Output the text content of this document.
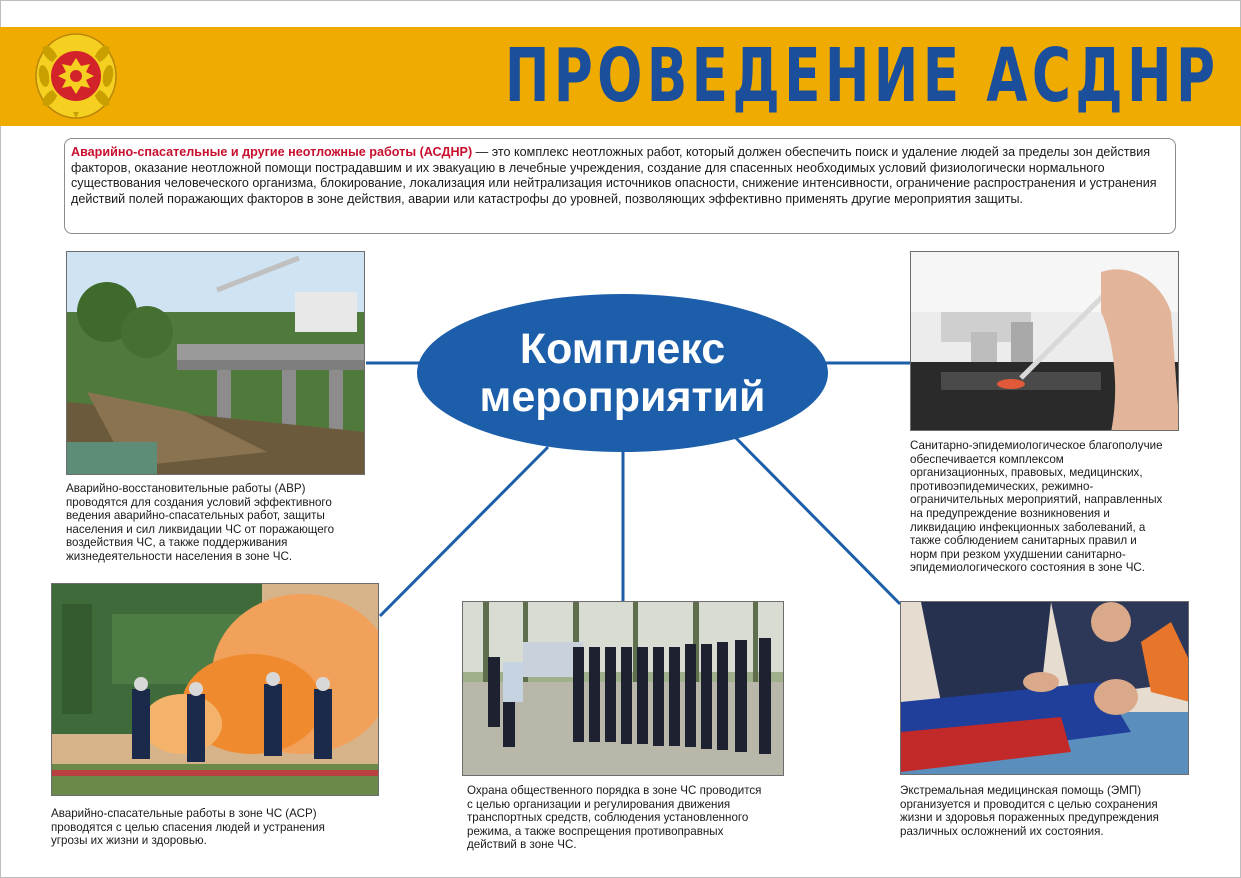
ПРОВЕДЕНИЕ АСДНР
Аварийно-спасательные и другие неотложные работы (АСДНР) — это комплекс неотложных работ, который должен обеспечить поиск и удаление людей за пределы зон действия факторов, оказание неотложной помощи пострадавшим и их эвакуацию в лечебные учреждения, создание для спасенных необходимых условий физиологически нормального существования человеческого организма, блокирование, локализация или нейтрализация источников опасности, снижение интенсивности, ограничение распространения и устранения действий полей поражающих факторов в зоне действия, аварии или катастрофы до уровней, позволяющих эффективно применять другие мероприятия защиты.
Комплекс
мероприятий
Аварийно-восстановительные работы (АВР)
проводятся для создания условий эффективного
ведения аварийно-спасательных работ, защиты
населения и сил ликвидации ЧС от поражающего
воздействия ЧС, а также поддерживания
жизнедеятельности населения в зоне ЧС.
Санитарно-эпидемиологическое благополучие
обеспечивается комплексом
организационных, правовых, медицинских,
противоэпидемических, режимно-
ограничительных мероприятий, направленных
на предупреждение возникновения и
ликвидацию инфекционных заболеваний, а
также соблюдением санитарных правил и
норм при резком ухудшении санитарно-
эпидемиологического состояния в зоне ЧС.
Аварийно-спасательные работы в зоне ЧС (АСР)
проводятся с целью спасения людей и устранения
угрозы их жизни и здоровью.
Охрана общественного порядка в зоне ЧС проводится
с целью организации и регулирования движения
транспортных средств, соблюдения установленного
режима, а также воспрещения противоправных
действий в зоне ЧС.
Экстремальная медицинская помощь (ЭМП)
организуется и проводится с целью сохранения
жизни и здоровья пораженных предупреждения
различных осложнений их состояния.
